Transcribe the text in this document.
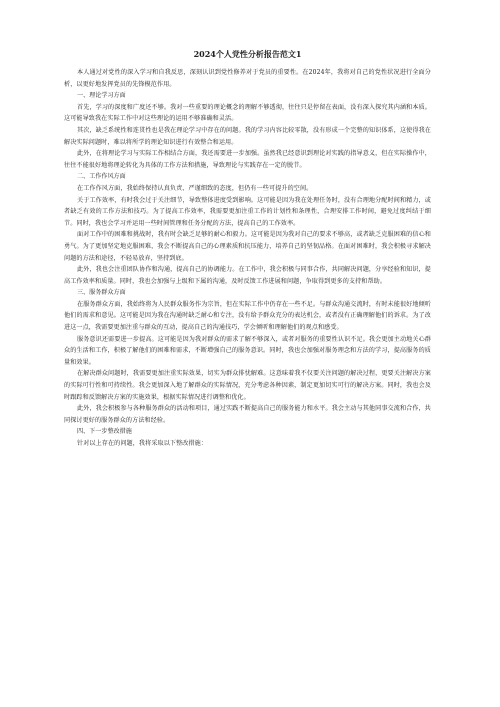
2024个人党性分析报告范文1

本人通过对党性的深入学习和自我反思，深刻认识到党性修养对于党员的重要性。在2024年，我将对自己的党性状况进行全面分析，以更好地发挥党员的先锋模范作用。

一、理论学习方面

首先，学习的深度和广度还不够。我对一些重要的理论概念的理解不够透彻，往往只是停留在表面，没有深入探究其内涵和本质。这可能导致我在实际工作中对这些理论的运用不够准确和灵活。

其次，缺乏系统性和连贯性也是我在理论学习中存在的问题。我的学习内容比较零散，没有形成一个完整的知识体系，这使得我在解决实际问题时，难以将所学的理论知识进行有效整合和运用。

此外，在将理论学习与实际工作相结合方面，我还需要进一步加强。虽然我已经意识到理论对实践的指导意义，但在实际操作中，往往不能很好地将理论转化为具体的工作方法和措施，导致理论与实践存在一定的脱节。

二、工作作风方面

在工作作风方面，我始终保持认真负责、严谨细致的态度，但仍有一些可提升的空间。

关于工作效率，有时我会过于关注细节，导致整体进度受到影响。这可能是因为我在处理任务时，没有合理地分配时间和精力，或者缺乏有效的工作方法和技巧。为了提高工作效率，我需要更加注重工作的计划性和条理性，合理安排工作时间，避免过度纠结于细节。同时，我也会学习并运用一些时间管理和任务分配的方法，提高自己的工作效率。

面对工作中的困难和挑战时，我有时会缺乏足够的耐心和毅力。这可能是因为我对自己的要求不够高，或者缺乏克服困难的信心和勇气。为了更加坚定地克服困难，我会不断提高自己的心理素质和抗压能力，培养自己的坚韧品格。在面对困难时，我会积极寻求解决问题的方法和途径，不轻易放弃，坚持到底。

此外，我也会注重团队协作和沟通，提高自己的协调能力。在工作中，我会积极与同事合作，共同解决问题，分享经验和知识，提高工作效率和质量。同时，我也会加强与上级和下属的沟通，及时反馈工作进展和问题，争取得到更多的支持和帮助。

三、服务群众方面

在服务群众方面，我始终将为人民群众服务作为宗旨，但在实际工作中仍存在一些不足。与群众沟通交流时，有时未能很好地倾听他们的需求和意见。这可能是因为我在沟通时缺乏耐心和专注，没有给予群众充分的表达机会，或者没有正确理解他们的诉求。为了改进这一点，我需要更加注重与群众的互动，提高自己的沟通技巧，学会倾听和理解他们的观点和感受。

服务意识还需要进一步提高。这可能是因为我对群众的需求了解不够深入，或者对服务的重要性认识不足。我会更加主动地关心群众的生活和工作，积极了解他们的困难和需求，不断增强自己的服务意识。同时，我也会加强对服务理念和方法的学习，提高服务的质量和效果。

在解决群众问题时，我需要更加注重实际效果，切实为群众排忧解难。这意味着我不仅要关注问题的解决过程，更要关注解决方案的实际可行性和可持续性。我会更加深入地了解群众的实际情况，充分考虑各种因素，制定更加切实可行的解决方案。同时，我也会及时跟踪和反馈解决方案的实施效果，根据实际情况进行调整和优化。

此外，我会积极参与各种服务群众的活动和项目，通过实践不断提高自己的服务能力和水平。我会主动与其他同事交流和合作，共同探讨更好的服务群众的方法和经验。

四、下一步整改措施

针对以上存在的问题，我将采取以下整改措施：
